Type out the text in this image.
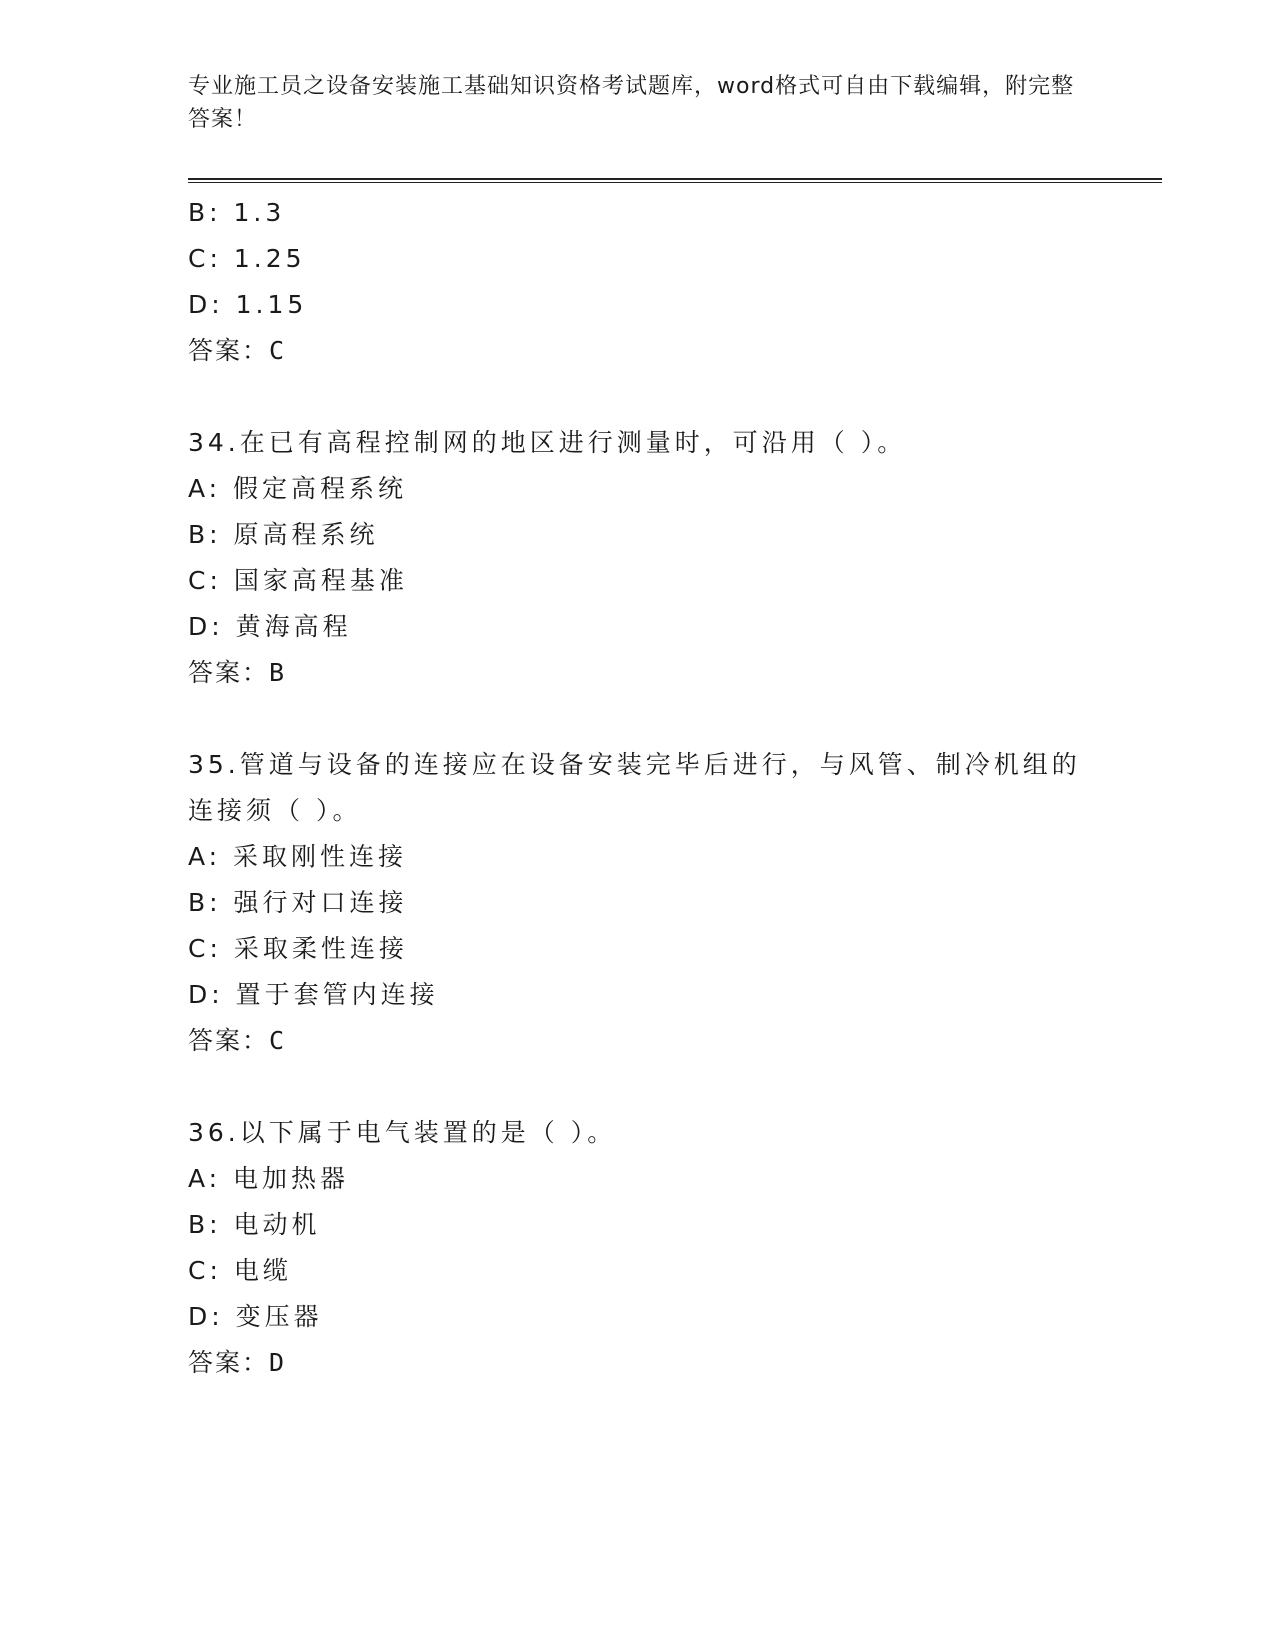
专业施工员之设备安装施工基础知识资格考试题库，word格式可自由下载编辑，附完整答案！
B: 1.3
C: 1.25
D: 1.15
答案：C
34.在已有高程控制网的地区进行测量时，可沿用（ ）。
A: 假定高程系统
B: 原高程系统
C: 国家高程基准
D: 黄海高程
答案：B
35.管道与设备的连接应在设备安装完毕后进行，与风管、制冷机组的连接须（ ）。
A: 采取刚性连接
B: 强行对口连接
C: 采取柔性连接
D: 置于套管内连接
答案：C
36.以下属于电气装置的是（ ）。
A: 电加热器
B: 电动机
C: 电缆
D: 变压器
答案：D
